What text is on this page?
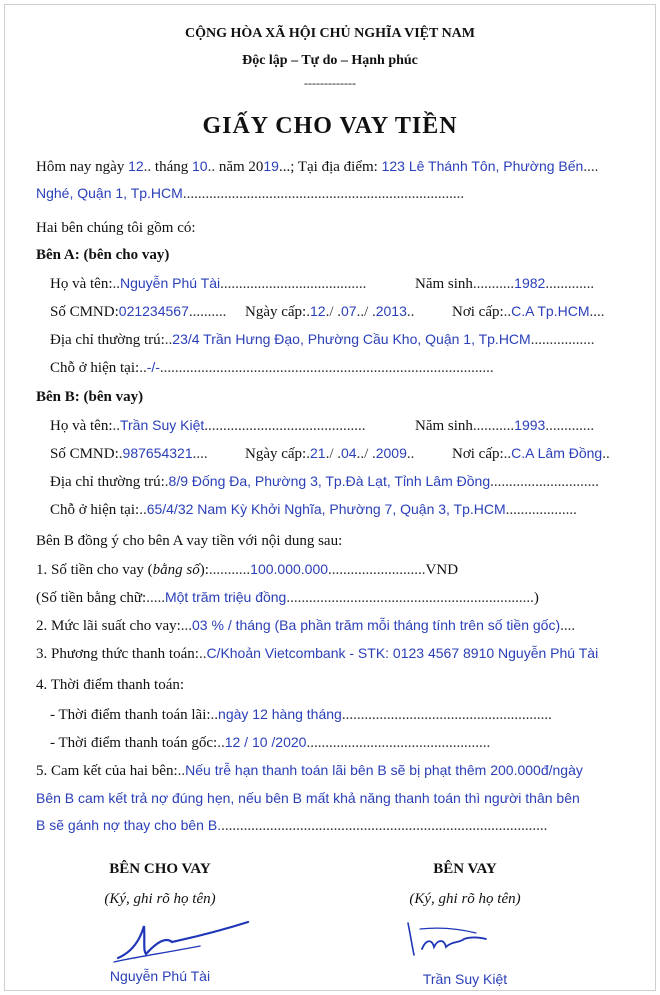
CỘNG HÒA XÃ HỘI CHỦ NGHĨA VIỆT NAM
Độc lập – Tự do – Hạnh phúc
-------------
GIẤY CHO VAY TIỀN
Hôm nay ngày 12.. tháng 10.. năm 2019...; Tại địa điểm: 123 Lê Thánh Tôn, Phường Bến....
Nghé, Quận 1, Tp.HCM...........................................................................
Hai bên chúng tôi gồm có:
Bên A: (bên cho vay)
Họ và tên:..Nguyễn Phú Tài.......................................	Năm sinh...........1982.............
Số CMND:021234567.......... Ngày cấp:.12./ .07../ .2013..	Nơi cấp:..C.A Tp.HCM....
Địa chỉ thường trú:..23/4 Trần Hưng Đạo, Phường Cầu Kho, Quận 1, Tp.HCM.................
Chỗ ở hiện tại:..-/-.........................................................................................
Bên B: (bên vay)
Họ và tên:..Trần Suy Kiệt...........................................	Năm sinh...........1993.............
Số CMND:.987654321.... Ngày cấp:.21./ .04../ .2009..	Nơi cấp:..C.A Lâm Đồng..
Địa chỉ thường trú:.8/9 Đống Đa, Phường 3, Tp.Đà Lạt, Tỉnh Lâm Đồng.............................
Chỗ ở hiện tại:..65/4/32 Nam Kỳ Khởi Nghĩa, Phường 7, Quận 3, Tp.HCM...................
Bên B đồng ý cho bên A vay tiền với nội dung sau:
1. Số tiền cho vay (bằng số):...........100.000.000..........................VND
(Số tiền bằng chữ:.....Một trăm triệu đồng..................................................................)
2. Mức lãi suất cho vay:...03 % / tháng (Ba phần trăm mỗi tháng tính trên số tiền gốc)....
3. Phương thức thanh toán:..C/Khoản Vietcombank - STK: 0123 4567 8910 Nguyễn Phú Tài
4. Thời điểm thanh toán:
- Thời điểm thanh toán lãi:..ngày 12 hàng tháng........................................................
- Thời điểm thanh toán gốc:..12 / 10 /2020.................................................
5. Cam kết của hai bên:..Nếu trễ hạn thanh toán lãi bên B sẽ bị phạt thêm 200.000đ/ngày
Bên B cam kết trả nợ đúng hẹn, nếu bên B mất khả năng thanh toán thì người thân bên
B sẽ gánh nợ thay cho bên B........................................................................................
BÊN CHO VAY
(Ký, ghi rõ họ tên)
Nguyễn Phú Tài
BÊN VAY
(Ký, ghi rõ họ tên)
Trần Suy Kiệt
